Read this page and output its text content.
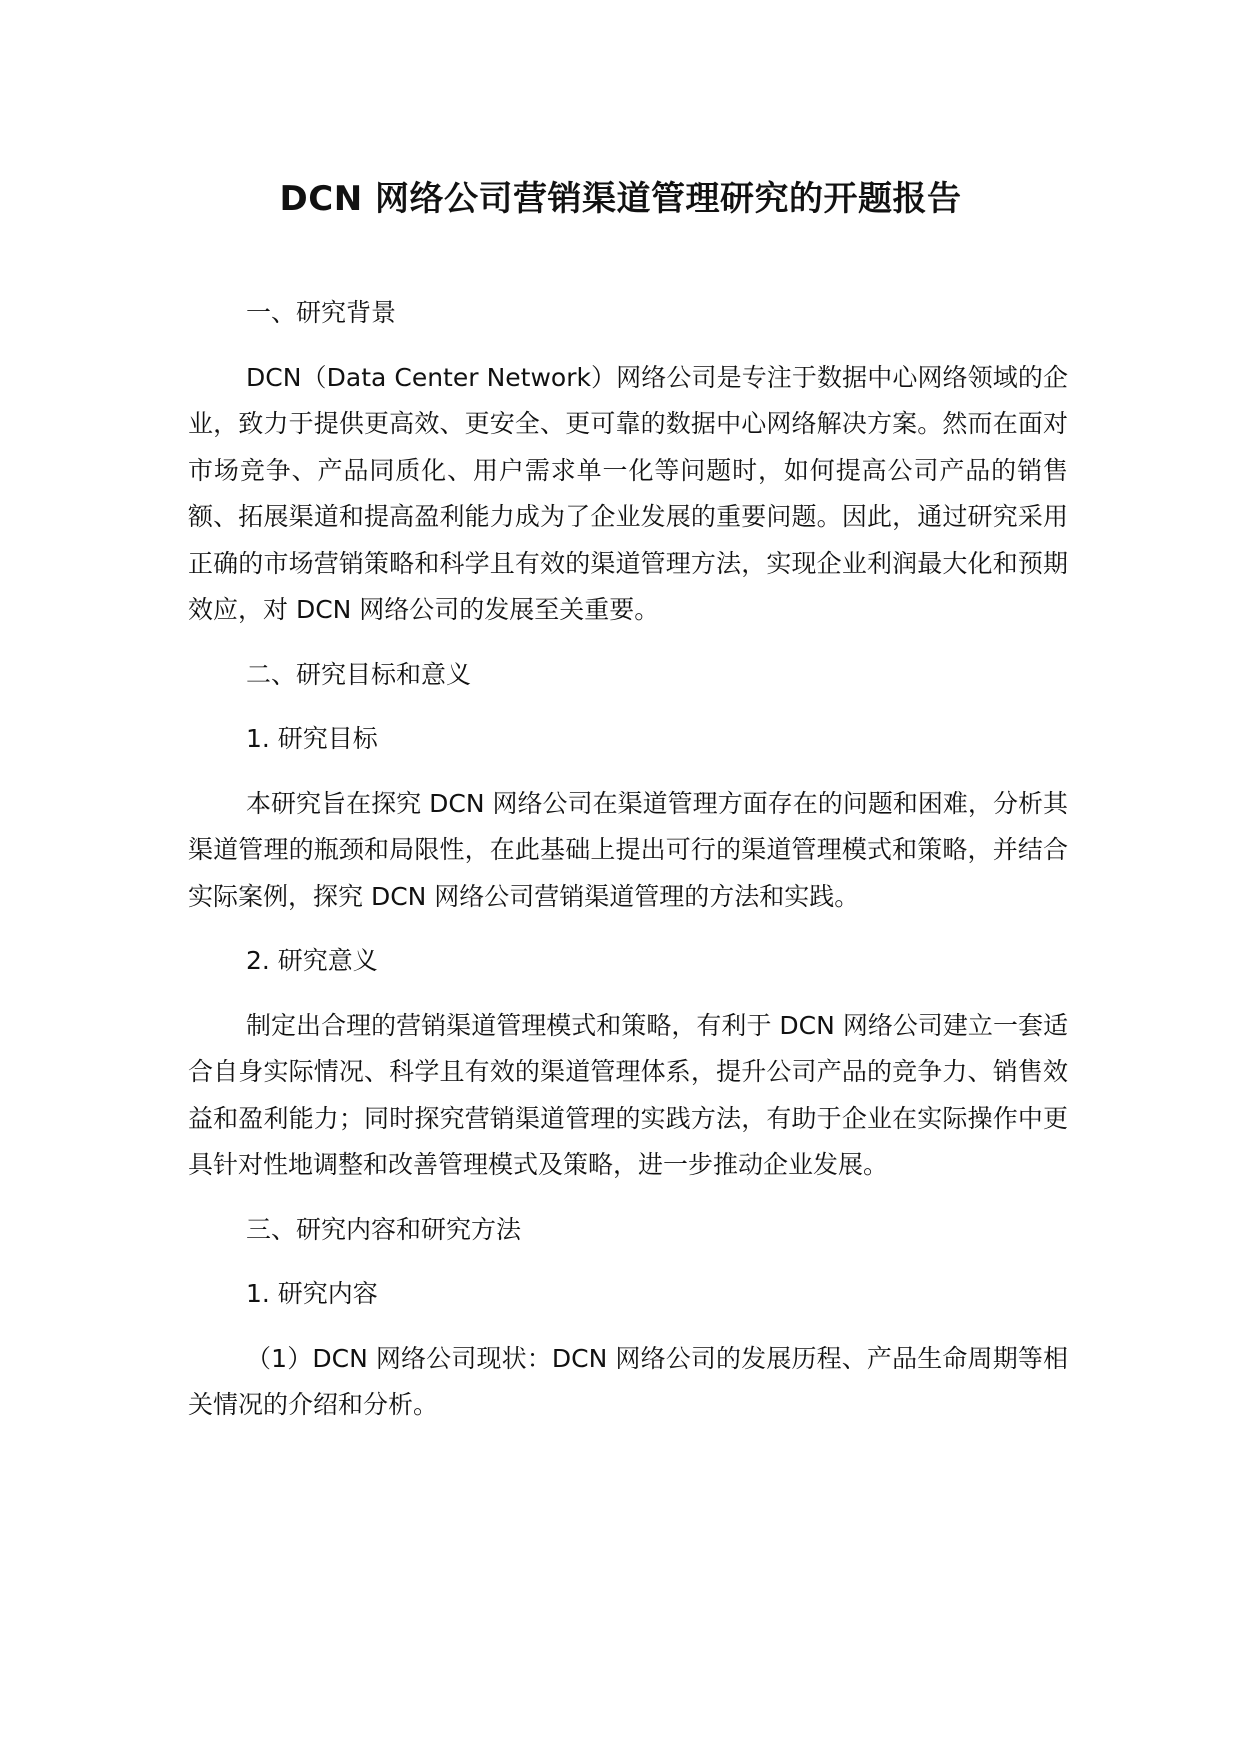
DCN 网络公司营销渠道管理研究的开题报告

一、研究背景

DCN（Data Center Network）网络公司是专注于数据中心网络领域的企业，致力于提供更高效、更安全、更可靠的数据中心网络解决方案。然而在面对市场竞争、产品同质化、用户需求单一化等问题时，如何提高公司产品的销售额、拓展渠道和提高盈利能力成为了企业发展的重要问题。因此，通过研究采用正确的市场营销策略和科学且有效的渠道管理方法，实现企业利润最大化和预期效应，对 DCN 网络公司的发展至关重要。

二、研究目标和意义

1. 研究目标

本研究旨在探究 DCN 网络公司在渠道管理方面存在的问题和困难，分析其渠道管理的瓶颈和局限性，在此基础上提出可行的渠道管理模式和策略，并结合实际案例，探究 DCN 网络公司营销渠道管理的方法和实践。

2. 研究意义

制定出合理的营销渠道管理模式和策略，有利于 DCN 网络公司建立一套适合自身实际情况、科学且有效的渠道管理体系，提升公司产品的竞争力、销售效益和盈利能力；同时探究营销渠道管理的实践方法，有助于企业在实际操作中更具针对性地调整和改善管理模式及策略，进一步推动企业发展。

三、研究内容和研究方法

1. 研究内容

（1）DCN 网络公司现状：DCN 网络公司的发展历程、产品生命周期等相关情况的介绍和分析。
